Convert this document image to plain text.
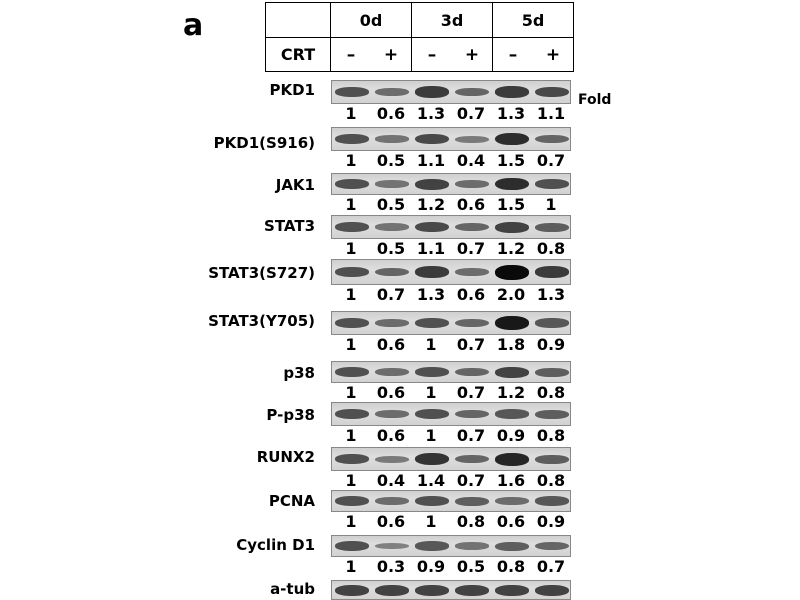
a
		0d	3d	5d
CRT	– +	– +	– +
Fold
PKD1
1	0.6 1.3 0.7 1.3 1.1
PKD1(S916)
1	0.5 1.1 0.4 1.5 0.7
JAK1
1	0.5 1.2 0.6 1.5	1
STAT3
1	0.5 1.1 0.7 1.2 0.8
STAT3(S727)
1	0.7 1.3 0.6 2.0 1.3
STAT3(Y705)
1	0.6	1	0.7 1.8 0.9
p38
1	0.6	1	0.7 1.2 0.8
P-p38
1	0.6	1	0.7 0.9 0.8
RUNX2
1	0.4 1.4 0.7 1.6 0.8
PCNA
1	0.6	1	0.8 0.6 0.9
Cyclin D1
1	0.3 0.9 0.5 0.8 0.7
a-tub
